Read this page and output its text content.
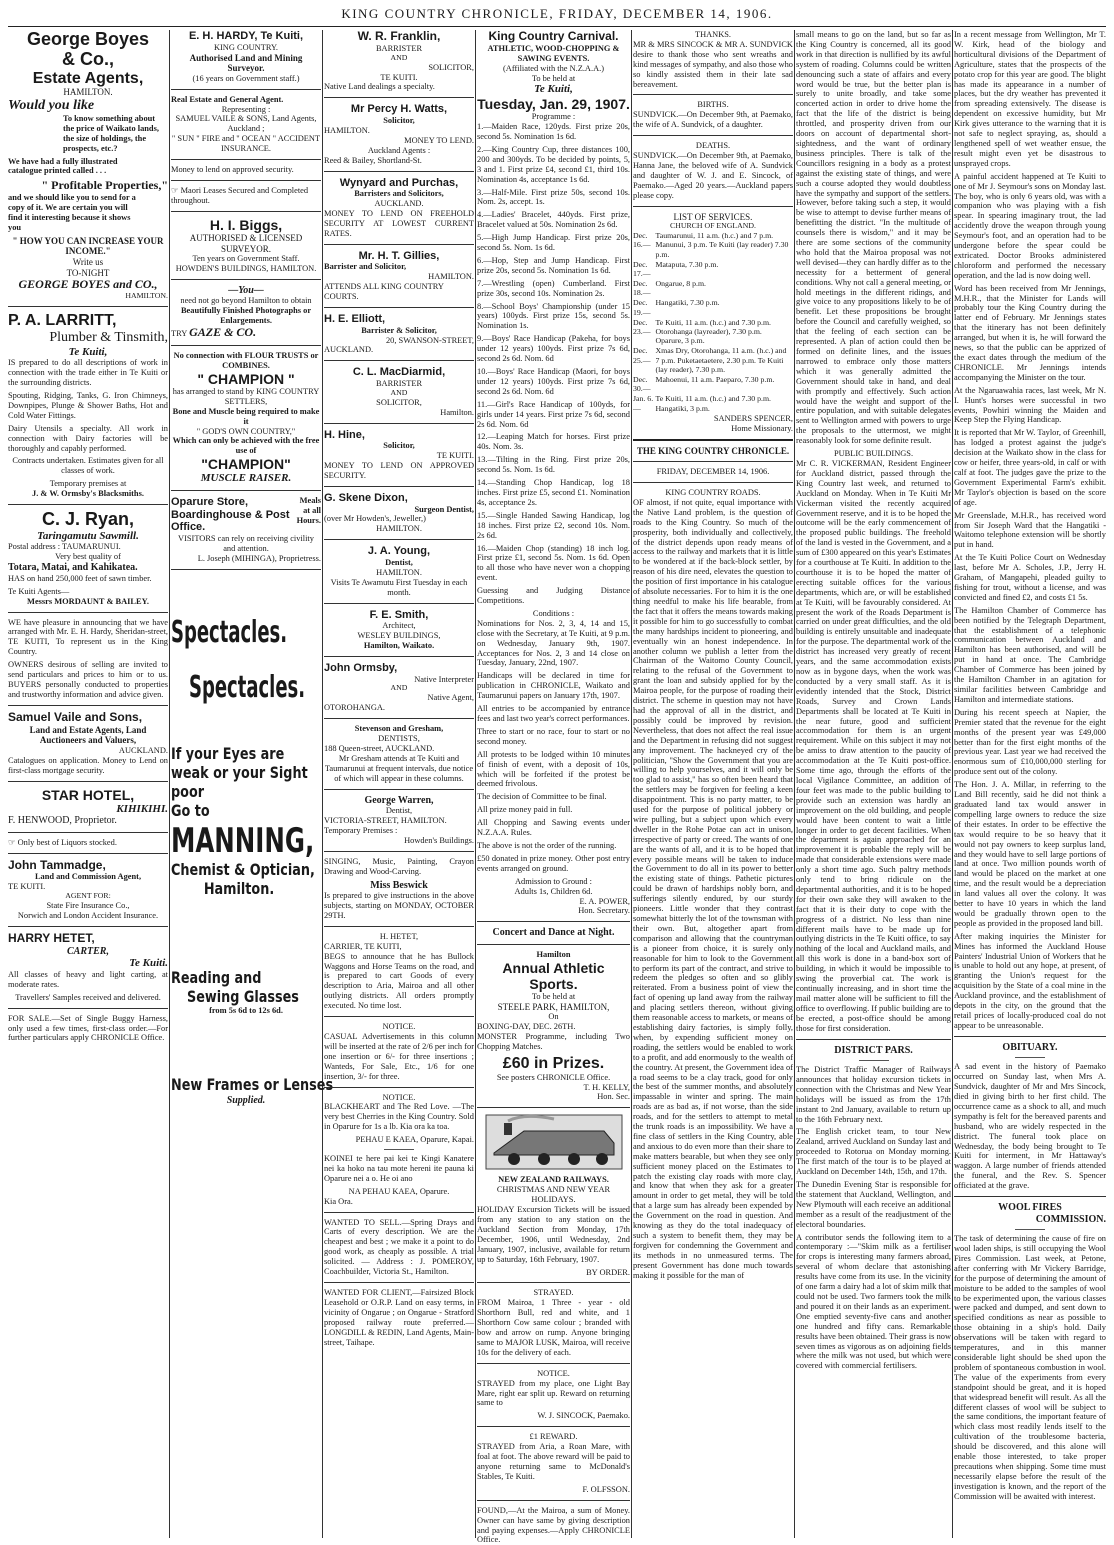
KING COUNTRY CHRONICLE, FRIDAY, DECEMBER 14, 1906.
George Boyes
& Co.,
Estate Agents,
HAMILTON.
Would you like

To know something about the price of Waikato lands, the size of holdings, the prospects, etc.?

We have had a fully illustrated catalogue printed called . . .

" Profitable Properties,"

and we should like you to send for a copy of it. We are certain you will find it interesting because it shows you

" HOW YOU CAN INCREASE YOUR INCOME."
Write us
TO-NIGHT
GEORGE BOYES and CO.,
HAMILTON.
P. A. LARRITT,
Plumber & Tinsmith,
Te Kuiti,

IS prepared to do all descriptions of work in connection with the trade either in Te Kuiti or the surrounding districts.

Spouting, Ridging, Tanks, G. Iron Chimneys, Downpipes, Plunge & Shower Baths, Hot and Cold Water Fittings.

Dairy Utensils a specialty. All work in connection with Dairy factories will be thoroughly and capably performed.

Contracts undertaken. Estimates given for all classes of work.

Temporary premises at
J. & W. Ormsby's Blacksmiths.
C. J. Ryan,
Taringamutu Sawmill.
Postal address : TAUMARUNUI.
Very best quality of
Totara, Matai, and Kahikatea.

HAS on hand 250,000 feet of sawn timber.

Te Kuiti Agents—
Messrs MORDAUNT & BAILEY.

WE have pleasure in announcing that we have arranged with Mr. E. H. Hardy, Sheridan-street, TE KUITI, To represent us in the King Country.

OWNERS desirous of selling are invited to send particulars and prices to him or to us. BUYERS personally conducted to properties and trustworthy information and advice given.

Samuel Vaile and Sons,
Land and Estate Agents, Land Auctioneers and Valuers,
AUCKLAND.

Catalogues on application. Money to Lend on first-class mortgage security.

STAR HOTEL,
KIHIKIHI.
F. HENWOOD, Proprietor.
☞ Only best of Liquors stocked.
John Tammadge,
Land and Commission Agent,
TE KUITI.
AGENT FOR:
State Fire Insurance Co.,
Norwich and London Accident Insurance.
HARRY HETET,
CARTER,
Te Kuiti.

All classes of heavy and light carting, at moderate rates.

Travellers' Samples received and delivered.

FOR SALE.—Set of Single Buggy Harness, only used a few times, first-class order.—For further particulars apply CHRONICLE Office.

E. H. HARDY, Te Kuiti,
KING COUNTRY.
Authorised Land and Mining Surveyor.
(16 years on Government staff.)
Real Estate and General Agent.
Representing :
SAMUEL VAILE & SONS, Land Agents, Auckland ;
" SUN " FIRE and " OCEAN " ACCIDENT INSURANCE.
Money to lend on approved security.
☞ Maori Leases Secured and Completed throughout.
H. I. Biggs,
AUTHORISED & LICENSED SURVEYOR.
Ten years on Government Staff.
HOWDEN'S BUILDINGS, HAMILTON.
—You—
need not go beyond Hamilton to obtain
Beautifully Finished Photographs or Enlargements.
TRY GAZE & CO.
No connection with FLOUR TRUSTS or COMBINES.
" CHAMPION "
has arranged to stand by KING COUNTRY SETTLERS,
Bone and Muscle being required to make it
" GOD'S OWN COUNTRY,"
Which can only be achieved with the free use of
"CHAMPION"
MUSCLE RAISER.
Oparure Store, Boardinghouse & Post Office.
Meals at all Hours.
VISITORS can rely on receiving civility and attention.
L. Joseph (MIHINGA), Proprietress.
Spectacles.
Spectacles.
If your Eyes are weak or your Sight poor
Go to
MANNING,
Chemist & Optician,
Hamilton.
Reading and
Sewing Glasses
from 5s 6d to 12s 6d.
New Frames or Lenses
Supplied.
W. R. Franklin,
BARRISTER
AND
SOLICITOR,
TE KUITI.
Native Land dealings a specialty.
Mr Percy H. Watts,
Solicitor,
HAMILTON.
MONEY TO LEND.
Auckland Agents :
Reed & Bailey, Shortland-St.
Wynyard and Purchas,
Barristers and Solicitors,
AUCKLAND.

MONEY TO LEND ON FREEHOLD SECURITY AT LOWEST CURRENT RATES.

Mr. H. T. Gillies,
Barrister and Solicitor,
HAMILTON.
ATTENDS ALL KING COUNTRY COURTS.
H. E. Elliott,
Barrister & Solicitor,
20, SWANSON-STREET,
AUCKLAND.
C. L. MacDiarmid,
BARRISTER
AND
SOLICITOR,
Hamilton.
H. Hine,
Solicitor,
TE KUITI.

MONEY TO LEND ON APPROVED SECURITY.

G. Skene Dixon,
Surgeon Dentist,
(over Mr Howden's, Jeweller,)
HAMILTON.
J. A. Young,
Dentist,
HAMILTON.

Visits Te Awamutu First Tuesday in each month.

F. E. Smith,
Architect,
WESLEY BUILDINGS,
Hamilton, Waikato.
John Ormsby,
Native Interpreter
AND
Native Agent,
OTOROHANGA.
Stevenson and Gresham,
DENTISTS,
188 Queen-street, AUCKLAND.

Mr Gresham attends at Te Kuiti and Taumarunui at frequent intervals, due notice of which will appear in these columns.

George Warren,
Dentist,
VICTORIA-STREET, HAMILTON.
Temporary Premises :
Howden's Buildings.

SINGING, Music, Painting, Crayon Drawing and Wood-Carving.

Miss Beswick

Is prepared to give instructions in the above subjects, starting on MONDAY, OCTOBER 29TH.

H. HETET,
CARRIER, TE KUITI,

BEGS to announce that he has Bullock Waggons and Horse Teams on the road, and is prepared to cart Goods of every description to Aria, Mairoa and all other outlying districts. All orders promptly executed. No time lost.

NOTICE.

CASUAL Advertisements in this column will be inserted at the rate of 2/6 per inch for one insertion or 6/- for three insertions ; Wanteds, For Sale, Etc., 1/6 for one insertion, 3/- for three.

NOTICE.

BLACKHEART and The Red Love. —The very best Cherries in the King Country. Sold in Oparure for 1s a lb. Kia ora ka toa.

PEHAU E KAEA, Oparure, Kapai.

KOINEI te here pai kei te Kingi Kanatere nei ka hoko na tau mote hereni ite pauna ki Oparure nei a o. He oi ano

NA PEHAU KAEA, Oparure.
Kia Ora.

WANTED TO SELL.—Spring Drays and Carts of every description. We are the cheapest and best ; we make it a point to do good work, as cheaply as possible. A trial solicited. — Address : J. POMEROY, Coachbuilder, Victoria St., Hamilton.

WANTED FOR CLIENT,—Fairsized Block Leasehold or O.R.P. Land on easy terms, in vicinity of Ongarue ; on Ongarue - Stratford proposed railway route preferred.— LONGDILL & REDIN, Land Agents, Main-street, Taihape.

King Country Carnival.
ATHLETIC, WOOD-CHOPPING & SAWING EVENTS.
(Affiliated with the N.Z.A.A.)
To be held at
Te Kuiti,
Tuesday, Jan. 29, 1907.
Programme :

1.—Maiden Race, 120yds. First prize 20s, second 5s. Nomination 1s 6d.

2.—King Country Cup, three distances 100, 200 and 300yds. To be decided by points, 5, 3 and 1. First prize £4, second £1, third 10s. Nomination 4s, acceptance 1s 6d.

3.—Half-Mile. First prize 50s, second 10s. Nom. 2s, accept. 1s.

4.—Ladies' Bracelet, 440yds. First prize, Bracelet valued at 50s. Nomination 2s 6d.

5.—High Jump Handicap. First prize 20s, second 5s. Nom. 1s 6d.

6.—Hop, Step and Jump Handicap. First prize 20s, second 5s. Nomination 1s 6d.

7.—Wrestling (open) Cumberland. First prize 30s, second 10s. Nomination 2s.

8.—School Boys' Championship (under 15 years) 100yds. First prize 15s, second 5s. Nomination 1s.

9.—Boys' Race Handicap (Pakeha, for boys under 12 years) 100yds. First prize 7s 6d, second 2s 6d. Nom. 6d

10.—Boys' Race Handicap (Maori, for boys under 12 years) 100yds. First prize 7s 6d, second 2s 6d. Nom. 6d

11.—Girl's Race Handicap of 100yds, for girls under 14 years. First prize 7s 6d, second 2s 6d. Nom. 6d

12.—Leaping Match for horses. First prize 40s. Nom. 3s.

13.—Tilting in the Ring. First prize 20s, second 5s. Nom. 1s 6d.

14.—Standing Chop Handicap, log 18 inches. First prize £5, second £1. Nomination 4s, acceptance 2s.

15.—Single Handed Sawing Handicap, log 18 inches. First prize £2, second 10s. Nom. 2s 6d.

16.—Maiden Chop (standing) 18 inch log. First prize £1, second 5s. Nom. 1s 6d. Open to all those who have never won a chopping event.

Guessing and Judging Distance Competitions.

Conditions :

Nominations for Nos. 2, 3, 4, 14 and 15, close with the Secretary, at Te Kuiti, at 9 p.m. on Wednesday, January 9th, 1907. Acceptances for Nos. 2, 3 and 14 close on Tuesday, January, 22nd, 1907.

Handicaps will be declared in time for publication in CHRONICLE, Waikato and Taumarunui papers on January 17th, 1907.

All entries to be accompanied by entrance fees and last two year's correct performances.

Three to start or no race, four to start or no second money.

All protests to be lodged within 10 minutes of finish of event, with a deposit of 10s, which will be forfeited if the protest be deemed frivolous.

The decision of Committee to be final.

All prize money paid in full.

All Chopping and Sawing events under N.Z.A.A. Rules.

The above is not the order of the running.

£50 donated in prize money. Other post entry events arranged on ground.

Admission to Ground :
Adults 1s, Children 6d.
E. A. POWER,
Hon. Secretary.
Concert and Dance at Night.
Hamilton
Annual Athletic Sports.
To be held at
STEELE PARK, HAMILTON,
On
BOXING-DAY, DEC. 26TH.

MONSTER Programme, including Two Chopping Matches.

£60 in Prizes.
See posters CHRONICLE Office.
T. H. KELLY,
Hon. Sec.
NEW ZEALAND RAILWAYS.
CHRISTMAS AND NEW YEAR HOLIDAYS.

HOLIDAY Excursion Tickets will be issued from any station to any station on the Auckland Section from Monday, 17th December, 1906, until Wednesday, 2nd January, 1907, inclusive, available for return up to Saturday, 16th February, 1907.

BY ORDER.
STRAYED.

FROM Mairoa, 1 Three - year - old Shorthorn Bull, red and white, and 1 Shorthorn Cow same colour ; branded with bow and arrow on rump. Anyone bringing same to MAJOR LUSK, Mairoa, will receive 10s for the delivery of each.

NOTICE.

STRAYED from my place, one Light Bay Mare, right ear split up. Reward on returning same to

W. J. SINCOCK, Paemako.
£1 REWARD.

STRAYED from Aria, a Roan Mare, with foal at foot. The above reward will be paid to anyone returning same to McDonald's Stables, Te Kuiti.

F. OLFSSON.

FOUND,—At the Mairoa, a sum of Money. Owner can have same by giving description and paying expenses.—Apply CHRONICLE Office.

THANKS.

MR & MRS SINCOCK & MR A. SUNDVICK desire to thank those who sent wreaths and kind messages of sympathy, and also those who so kindly assisted them in their late sad bereavement.

BIRTHS.

SUNDVICK.—On December 9th, at Paemako, the wife of A. Sundvick, of a daughter.

DEATHS.

SUNDVICK.—On December 9th, at Paemako, Hanna Jane, the beloved wife of A. Sundvick and daughter of W. J. and E. Sincock, of Paemako.—Aged 20 years.—Auckland papers please copy.

LIST OF SERVICES.
CHURCH OF ENGLAND.
Dec. 16.—	Taumarunui, 11 a.m. (h.c.) and 7 p.m. Manunui, 3 p.m. Te Kuiti (lay reader) 7.30 p.m.
Dec. 17.—	Mataputa, 7.30 p.m.
Dec. 18.—	Ongarue, 8 p.m.
Dec. 19.—	Hangatiki, 7.30 p.m.
Dec. 23.—	Te Kuiti, 11 a.m. (h.c.) and 7.30 p.m. Otorohanga (layreader), 7.30 p.m. Oparure, 3 p.m.
Dec. 25.—	Xmas Dry, Otorohanga, 11 a.m. (h.c.) and 7 p.m. Puketaetaetere, 2.30 p.m. Te Kuiti (lay reader), 7.30 p.m.
Dec. 30.—	Mahoenui, 11 a.m. Paeparo, 7.30 p.m.
Jan. 6.—	Te Kuiti, 11 a.m. (h.c.) and 7.30 p.m. Hangatiki, 3 p.m.
SANDERS SPENCER,
Home Missionary.
THE KING COUNTRY CHRONICLE.
FRIDAY, DECEMBER 14, 1906.
KING COUNTRY ROADS.

OF almost, if not quite, equal importance with the Native Land problem, is the question of roads to the King Country. So much of the prosperity, both individually and collectively, of the district depends upon ready means of access to the railway and markets that it is little to be wondered at if the back-block settler, by reason of his dire need, elevates the question to the position of first importance in his catalogue of absolute necessaries. For to him it is the one thing needful to make his life bearable, from the fact that it offers the means towards making it possible for him to go successfully to combat the many hardships incident to pioneering, and eventually win an honest independence. In another column we publish a letter from the Chairman of the Waitomo County Council, relating to the refusal of the Government to grant the loan and subsidy applied for by the Mairoa people, for the purpose of roading their district. The scheme in question may not have had the approval of all in the district, and possibly could be improved by revision. Nevertheless, that does not affect the real issue and the Department in refusing did not suggest any improvement. The hackneyed cry of the politician, "Show the Government that you are willing to help yourselves, and it will only be too glad to assist," has so often been heard that the settlers may be forgiven for feeling a keen disappointment. This is no party matter, to be used for the purpose of political jobbery or wire pulling, but a subject upon which every dweller in the Rohe Potae can act in unison, irrespective of party or creed. The wants of one are the wants of all, and it is to be hoped that every possible means will be taken to induce the Government to do all in its power to better the existing state of things. Pathetic pictures could be drawn of hardships nobly born, and sufferings silently endured, by our sturdy pioneers. Little wonder that they contrast somewhat bitterly the lot of the townsman with their own. But, altogether apart from comparison and allowing that the countryman is a pioneer from choice, it is surely only reasonable for him to look to the Government to perform its part of the contract, and strive to redeem the pledges so often and so glibly reiterated. From a business point of view the fact of opening up land away from the railway and placing settlers thereon, without giving them reasonable access to markets, or means of establishing dairy factories, is simply folly, when, by expending sufficient money on roading, the settlers would be enabled to work to a profit, and add enormously to the wealth of the country. At present, the Government idea of a road seems to be a clay track, good for only the best of the summer months, and absolutely impassable in winter and spring. The main roads are as bad as, if not worse, than the side roads, and for the settlers to attempt to metal the trunk roads is an impossibility. We have a fine class of settlers in the King Country, able and anxious to do even more than their share to make matters bearable, but when they see only sufficient money placed on the Estimates to patch the existing clay roads with more clay, and know that when they ask for a greater amount in order to get metal, they will be told that a large sum has already been expended by the Government on the road in question. And knowing as they do the total inadequacy of such a system to benefit them, they may be forgiven for condemning the Government and its methods in no unmeasured terms. The present Government has done much towards making it possible for the man of

small means to go on the land, but so far as the King Country is concerned, all its good work in that direction is nullified by its awful system of roading. Columns could be written denouncing such a state of affairs and every word would be true, but the better plan is surely to unite broadly, and take some concerted action in order to drive home the fact that the life of the district is being throttled, and prosperity driven from our doors on account of departmental short-sightedness, and the want of ordinary business principles. There is talk of the Councillors resigning in a body as a protest against the existing state of things, and were such a course adopted they would doubtless have the sympathy and support of the settlers. However, before taking such a step, it would be wise to attempt to devise further means of benefitting the district. "In the multitude of counsels there is wisdom," and it may be there are some sections of the community who hold that the Mairoa proposal was not well devised—they can hardly differ as to the necessity for a betterment of general conditions. Why not call a general meeting, or hold meetings in the different ridings, and give voice to any propositions likely to be of benefit. Let these propositions be brought before the Council and carefully weighed, so that the feeling of each section can be represented. A plan of action could then be formed on definite lines, and the issues narrowed to embrace only those matters which it was generally admitted the Government should take in hand, and deal with promptly and effectively. Such action would have the weight and support of the entire population, and with suitable delegates sent to Wellington armed with powers to urge the proposals to the uttermost, we might reasonably look for some definite result.

PUBLIC BUILDINGS.

Mr C. R. VICKERMAN, Resident Engineer for Auckland district, passed through the King Country last week, and returned to Auckland on Monday. When in Te Kuiti Mr Vickerman visited the recently acquired Government reserve, and it is to be hoped the outcome will be the early commencement of the proposed public buildings. The freehold of the land is vested in the Government, and a sum of £300 appeared on this year's Estimates for a courthouse at Te Kuiti. In addition to the courthouse it is to be hoped the matter of erecting suitable offices for the various departments, which are, or will be established at Te Kuiti, will be favourably considered. At present the work of the Roads Department is carried on under great difficulties, and the old building is entirely unsuitable and inadequate for the purpose. The departmental work of the district has increased very greatly of recent years, and the same accommodation exists now as in bygone days, when the work was conducted by a very small staff. As it is evidently intended that the Stock, District Roads, Survey and Crown Lands Departments shall be located at Te Kuiti in the near future, good and sufficient accommodation for them is an urgent requirement. While on this subject it may not be amiss to draw attention to the paucity of accommodation at the Te Kuiti post-office. Some time ago, through the efforts of the local Vigilance Committee, an addition of four feet was made to the public building to provide such an extension was hardly an improvement on the old building, and people would have been content to wait a little longer in order to get decent facilities. When the department is again approached for an improvement it is probable the reply will be made that considerable extensions were made only a short time ago. Such paltry methods only tend to bring ridicule on the departmental authorities, and it is to be hoped for their own sake they will awaken to the fact that it is their duty to cope with the progress of a district. No less than nine different mails have to be made up for outlying districts in the Te Kuiti office, to say nothing of the local and Auckland mails, and all this work is done in a band-box sort of building, in which it would be impossible to swing the proverbial cat. The work is continually increasing, and in short time the mail matter alone will be sufficient to fill the office to overflowing. If public building are to be erected, a post-office should be among those for first consideration.

DISTRICT PARS.

The District Traffic Manager of Railways announces that holiday excursion tickets in connection with the Christmas and New Year holidays will be issued as from the 17th instant to 2nd January, available to return up to the 16th February next.

The English cricket team, to tour New Zealand, arrived Auckland on Sunday last and proceeded to Rotorua on Monday morning. The first match of the tour is to be played at Auckland on December 14th, 15th, and 17th.

The Dunedin Evening Star is responsible for the statement that Auckland, Wellington, and New Plymouth will each receive an additional member as a result of the readjustment of the electoral boundaries.

A contributor sends the following item to a contemporary :—"Skim milk as a fertiliser for crops is interesting many farmers abroad, several of whom declare that astonishing results have come from its use. In the vicinity of one farm a dairy had a lot of skim milk that could not be used. Two farmers took the milk and poured it on their lands as an experiment. One emptied seventy-five cans and another one hundred and fifty cans. Remarkable results have been obtained. Their grass is now seven times as vigorous as on adjoining fields where the milk was not used, but which were covered with commercial fertilisers.

In a recent message from Wellington, Mr T. W. Kirk, head of the biology and horticultural divisions of the Department of Agriculture, states that the prospects of the potato crop for this year are good. The blight has made its appearance in a number of places, but the dry weather has prevented it from spreading extensively. The disease is dependent on excessive humidity, but Mr Kirk gives utterance to the warning that it is not safe to neglect spraying, as, should a lengthened spell of wet weather ensue, the result might even yet be disastrous to unsprayed crops.

A painful accident happened at Te Kuiti to one of Mr J. Seymour's sons on Monday last. The boy, who is only 6 years old, was with a companion who was playing with a fish spear. In spearing imaginary trout, the lad accidently drove the weapon through young Seymour's foot, and an operation had to be undergone before the spear could be extricated. Doctor Brooks administered chloroform and performed the necessary operation, and the lad is now doing well.

Word has been received from Mr Jennings, M.H.R., that the Minister for Lands will probably tour the King Country during the latter end of February. Mr Jennings states that the itinerary has not been definitely arranged, but when it is, he will forward the news, so that the public can be apprized of the exact dates through the medium of the CHRONICLE. Mr Jennings intends accompanying the Minister on the tour.

At the Ngaruawahia races, last week, Mr N. I. Hunt's horses were successful in two events, Powhiri winning the Maiden and Keep Step the Flying Handicap.

It is reported that Mr W. Taylor, of Greenhill, has lodged a protest against the judge's decision at the Waikato show in the class for cow or heifer, three years-old, in calf or with calf at foot. The judges gave the prize to the Government Experimental Farm's exhibit. Mr Taylor's objection is based on the score of age.

Mr Greenslade, M.H.R., has received word from Sir Joseph Ward that the Hangatiki - Waitomo telephone extension will be shortly put in hand.

At the Te Kuiti Police Court on Wednesday last, before Mr A. Scholes, J.P., Jerry H. Graham, of Mangapehi, pleaded guilty to fishing for trout, without a license, and was convicted and fined £2, and costs £1 5s.

The Hamilton Chamber of Commerce has been notified by the Telegraph Department, that the establishment of a telephonic communication between Auckland and Hamilton has been authorised, and will be put in hand at once. The Cambridge Chamber of Commerce has been joined by the Hamilton Chamber in an agitation for similar facilities between Cambridge and Hamilton and intermediate stations.

During his recent speech at Napier, the Premier stated that the revenue for the eight months of the present year was £49,000 better than for the first eight months of the previous year. Last year we had received the enormous sum of £10,000,000 sterling for produce sent out of the colony.

The Hon. J. A. Millar, in referring to the Land Bill recently, said he did not think a graduated land tax would answer in compelling large owners to reduce the size of their estates. In order to be effective the tax would require to be so heavy that it would not pay owners to keep surplus land, and they would have to sell large portions of land at once. Two million pounds worth of land would be placed on the market at one time, and the result would be a depreciation in land values all over the colony. It was better to have 10 years in which the land would be gradually thrown open to the people as provided in the proposed land bill.

After making inquiries the Minister for Mines has informed the Auckland House Painters' Industrial Union of Workers that he is unable to hold out any hope, at present, of granting the Union's request for the acquisition by the State of a coal mine in the Auckland province, and the establishment of depots in the city, on the ground that the retail prices of locally-produced coal do not appear to be unreasonable.

OBITUARY.

A sad event in the history of Paemako occurred on Sunday last, when Mrs A. Sundvick, daughter of Mr and Mrs Sincock, died in giving birth to her first child. The occurrence came as a shock to all, and much sympathy is felt for the bereaved parents and husband, who are widely respected in the district. The funeral took place on Wednesday, the body being brought to Te Kuiti for interment, in Mr Hattaway's waggon. A large number of friends attended the funeral, and the Rev. S. Spencer officiated at the grave.

WOOL FIRES
COMMISSION.

The task of determining the cause of fire on wool laden ships, is still occupying the Wool Fires Commission. Last week, at Petone, after conferring with Mr Vickery Barridge, for the purpose of determining the amount of moisture to be added to the samples of wool to be experimented upon, the various classes were packed and dumped, and sent down to specified conditions as near as possible to those obtaining in a ship's hold. Daily observations will be taken with regard to temperatures, and in this manner considerable light should be shed upon the problem of spontaneous combustion in wool. The value of the experiments from every standpoint should be great, and it is hoped that widespread benefit will result. As all the different classes of wool will be subject to the same conditions, the important feature of which class most readily lends itself to the cultivation of the troublesome bacteria, should be discovered, and this alone will enable those interested, to take proper precautions when shipping. Some time must necessarily elapse before the result of the investigation is known, and the report of the Commission will be awaited with interest.
